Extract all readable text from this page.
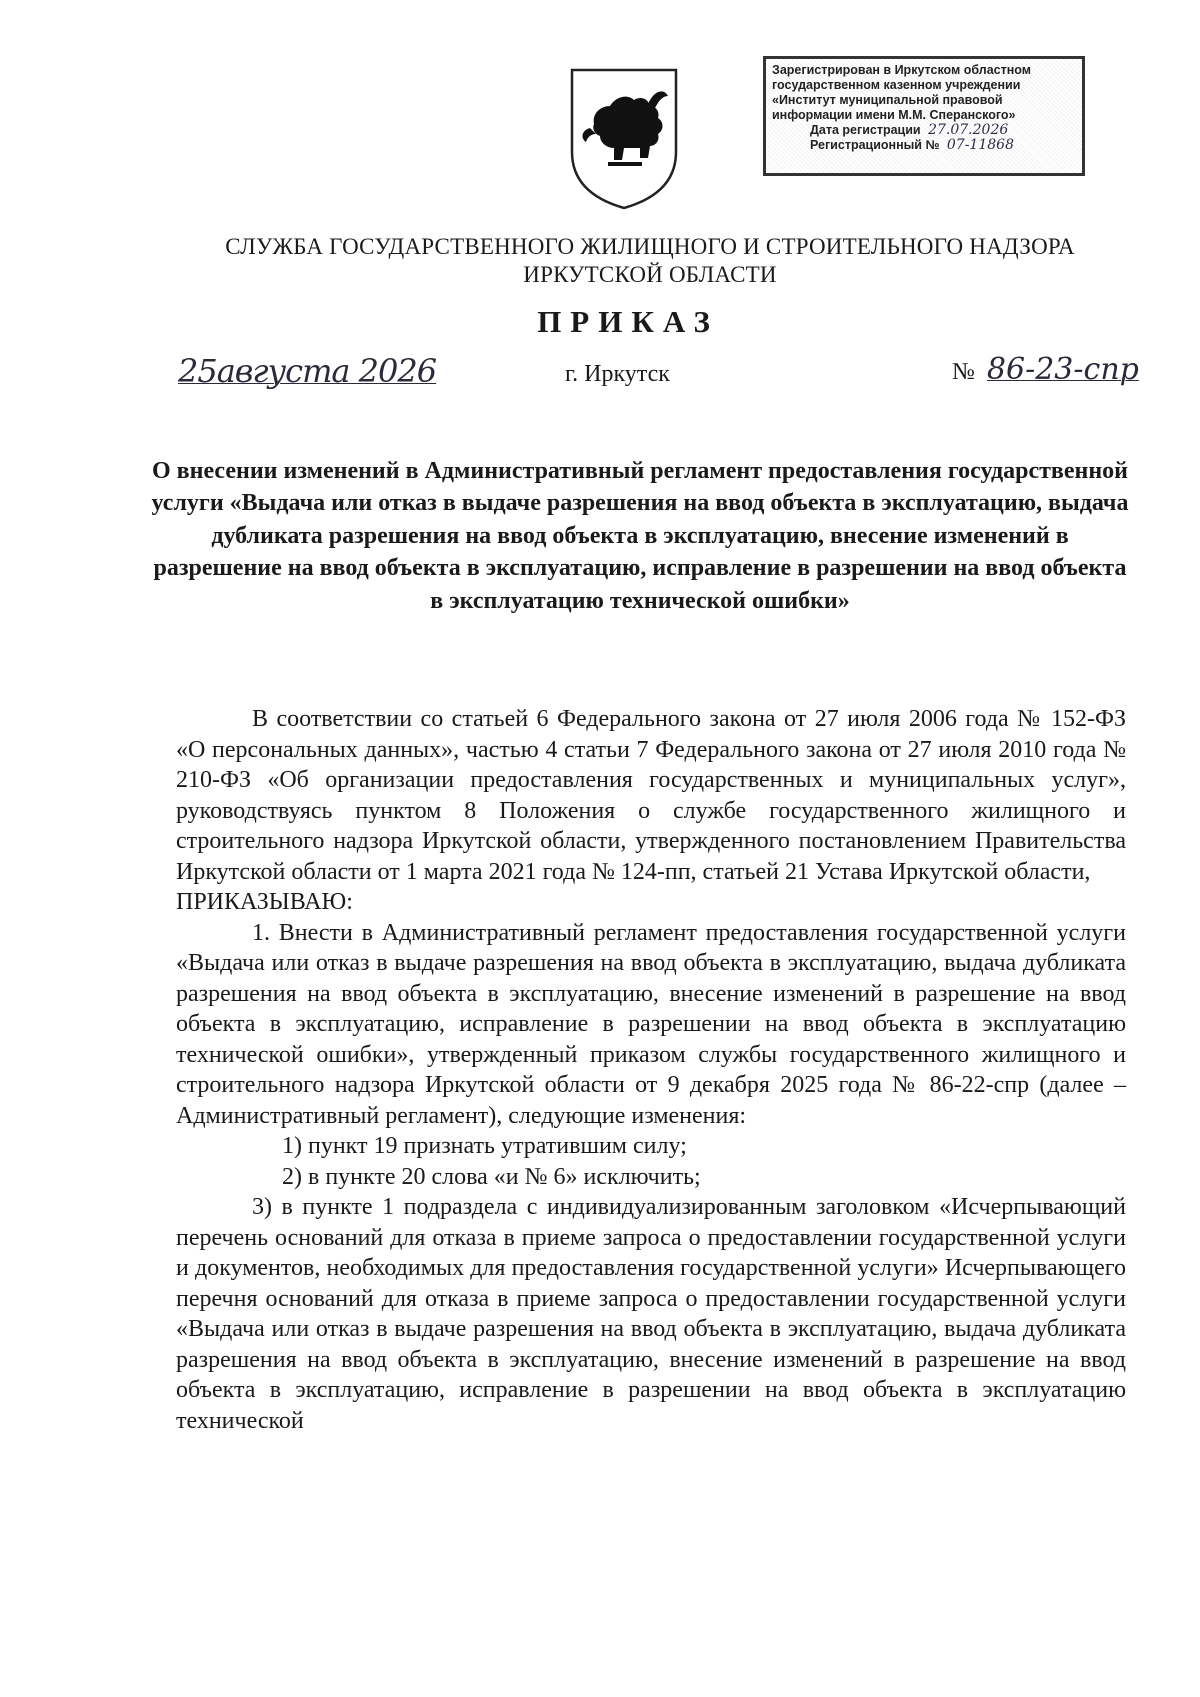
Зарегистрирован в Иркутском областном
государственном казенном учреждении
«Институт муниципальной правовой
информации имени М.М. Сперанского»
Дата регистрации 27.07.2026
Регистрационный № 07-11868
СЛУЖБА ГОСУДАРСТВЕННОГО ЖИЛИЩНОГО И СТРОИТЕЛЬНОГО НАДЗОРА
ИРКУТСКОЙ ОБЛАСТИ
ПРИКАЗ
25августа 2026	г. Иркутск	№ 86-23-спр
О внесении изменений в Административный регламент предоставления государственной услуги «Выдача или отказ в выдаче разрешения на ввод объекта в эксплуатацию, выдача дубликата разрешения на ввод объекта в эксплуатацию, внесение изменений в разрешение на ввод объекта в эксплуатацию, исправление в разрешении на ввод объекта в эксплуатацию технической ошибки»

В соответствии со статьей 6 Федерального закона от 27 июля 2006 года № 152-ФЗ «О персональных данных», частью 4 статьи 7 Федерального закона от 27 июля 2010 года № 210-ФЗ «Об организации предоставления государственных и муниципальных услуг», руководствуясь пунктом 8 Положения о службе государственного жилищного и строительного надзора Иркутской области, утвержденного постановлением Правительства Иркутской области от 1 марта 2021 года № 124-пп, статьей 21 Устава Иркутской области,

ПРИКАЗЫВАЮ:

1. Внести в Административный регламент предоставления государственной услуги «Выдача или отказ в выдаче разрешения на ввод объекта в эксплуатацию, выдача дубликата разрешения на ввод объекта в эксплуатацию, внесение изменений в разрешение на ввод объекта в эксплуатацию, исправление в разрешении на ввод объекта в эксплуатацию технической ошибки», утвержденный приказом службы государственного жилищного и строительного надзора Иркутской области от 9 декабря 2025 года № 86-22-спр (далее – Административный регламент), следующие изменения:

1) пункт 19 признать утратившим силу;

2) в пункте 20 слова «и № 6» исключить;

3) в пункте 1 подраздела с индивидуализированным заголовком «Исчерпывающий перечень оснований для отказа в приеме запроса о предоставлении государственной услуги и документов, необходимых для предоставления государственной услуги» Исчерпывающего перечня оснований для отказа в приеме запроса о предоставлении государственной услуги «Выдача или отказ в выдаче разрешения на ввод объекта в эксплуатацию, выдача дубликата разрешения на ввод объекта в эксплуатацию, внесение изменений в разрешение на ввод объекта в эксплуатацию, исправление в разрешении на ввод объекта в эксплуатацию технической
